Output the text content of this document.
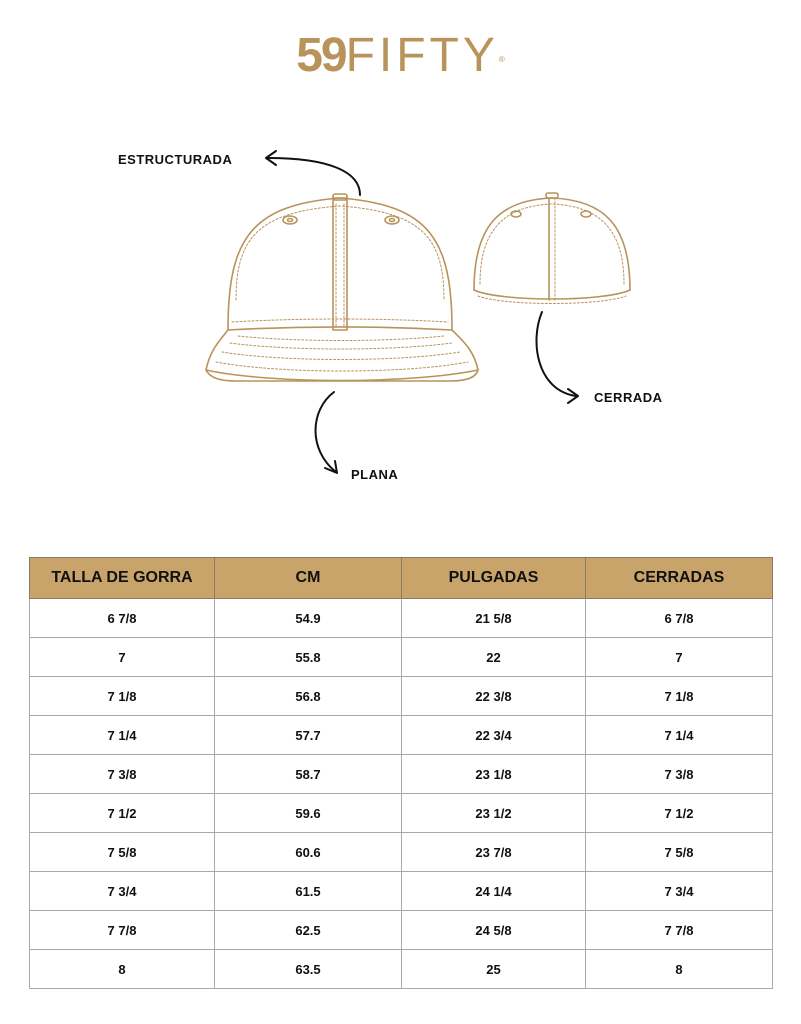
59FIFTY®
ESTRUCTURADA
CERRADA
PLANA
TALLA DE GORRA	CM	PULGADAS	CERRADAS
6 7/8	54.9	21 5/8	6 7/8
7	55.8	22	7
7 1/8	56.8	22 3/8	7 1/8
7 1/4	57.7	22 3/4	7 1/4
7 3/8	58.7	23 1/8	7 3/8
7 1/2	59.6	23 1/2	7 1/2
7 5/8	60.6	23 7/8	7 5/8
7 3/4	61.5	24 1/4	7 3/4
7 7/8	62.5	24 5/8	7 7/8
8	63.5	25	8
